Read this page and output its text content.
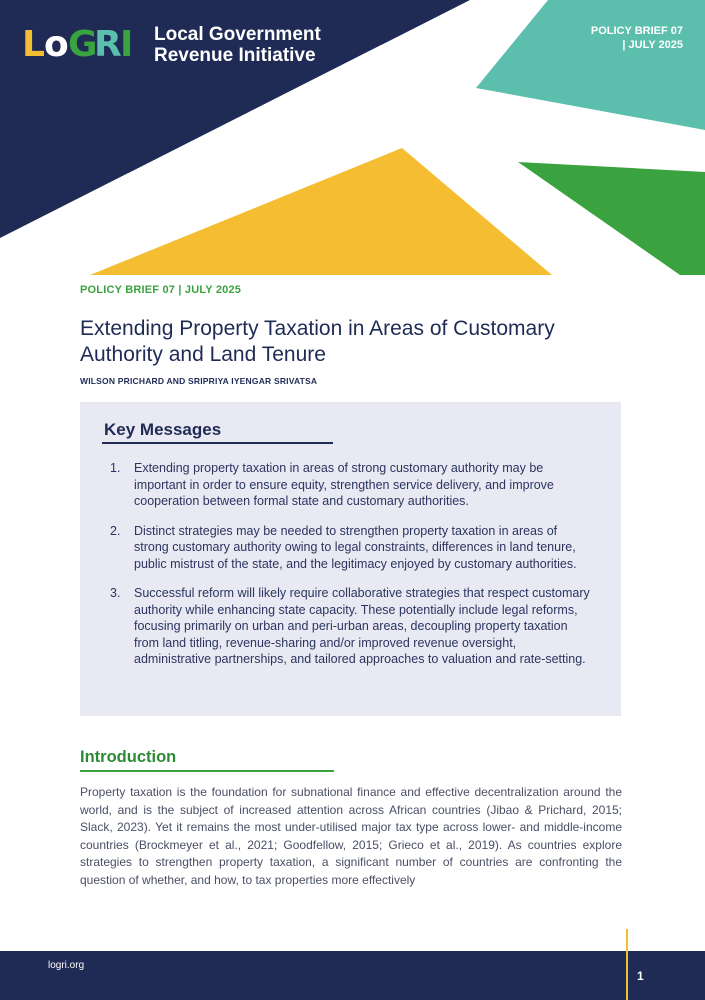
L o G
R I Local Government
Revenue Initiative
POLICY BRIEF 07
| JULY 2025
POLICY BRIEF 07 | JULY 2025
Extending Property Taxation in Areas of Customary Authority and Land Tenure
WILSON PRICHARD AND SRIPRIYA IYENGAR SRIVATSA
Key Messages
1.	Extending property taxation in areas of strong customary authority may be important in order to ensure equity, strengthen service delivery, and improve cooperation between formal state and customary authorities.
2.	Distinct strategies may be needed to strengthen property taxation in areas of strong customary authority owing to legal constraints, differences in land tenure, public mistrust of the state, and the legitimacy enjoyed by customary authorities.
3.	Successful reform will likely require collaborative strategies that respect customary authority while enhancing state capacity. These potentially include legal reforms, focusing primarily on urban and peri-urban areas, decoupling property taxation from land titling, revenue-sharing and/or improved revenue oversight, administrative partnerships, and tailored approaches to valuation and rate-setting.
Introduction

Property taxation is the foundation for subnational finance and effective decentralization around the world, and is the subject of increased attention across African countries (Jibao & Prichard, 2015; Slack, 2023). Yet it remains the most under-utilised major tax type across lower- and middle-income countries (Brockmeyer et al., 2021; Goodfellow, 2015; Grieco et al., 2019). As countries explore strategies to strengthen property taxation, a significant number of countries are confronting the question of whether, and how, to tax properties more effectively

logri.org
1
